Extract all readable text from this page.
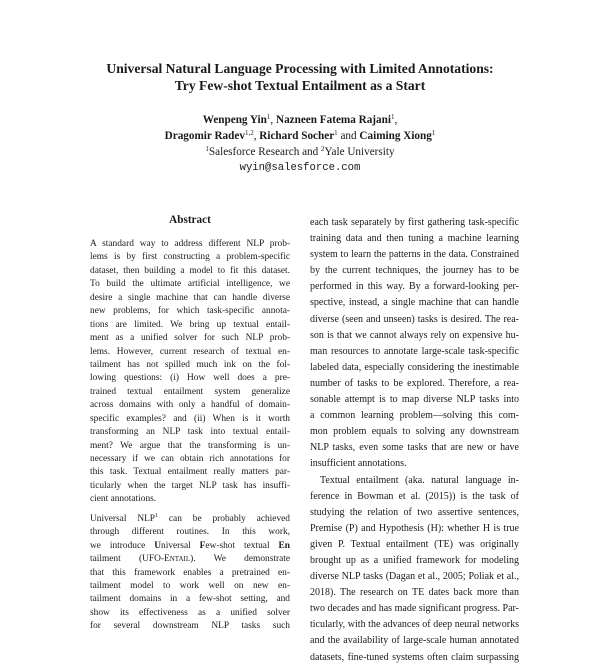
Universal Natural Language Processing with Limited Annotations:
Try Few-shot Textual Entailment as a Start
Wenpeng Yin$^1$, Nazneen Fatema Rajani$^1$,
Dragomir Radev$^{1,2}$, Richard Socher$^1$ and Caiming Xiong$^1$
$^1$Salesforce Research and $^2$Yale University
wyin@salesforce.com
Abstract
A standard way to address different NLP prob-
lems is by first constructing a problem-specific
dataset, then building a model to fit this dataset.
To build the ultimate artificial intelligence, we
desire a single machine that can handle diverse
new problems, for which task-specific annota-
tions are limited. We bring up textual entail-
ment as a unified solver for such NLP prob-
lems. However, current research of textual en-
tailment has not spilled much ink on the fol-
lowing questions: (i) How well does a pre-
trained textual entailment system generalize
across domains with only a handful of domain-
specific examples? and (ii) When is it worth
transforming an NLP task into textual entail-
ment? We argue that the transforming is un-
necessary if we can obtain rich annotations for
this task. Textual entailment really matters par-
ticularly when the target NLP task has insuffi-
cient annotations.
Universal NLP$^1$ can be probably achieved
through different routines. In this work,
we introduce Universal Few-shot textual En
tailment (UFO-Entail). We demonstrate
that this framework enables a pretrained en-
tailment model to work well on new en-
tailment domains in a few-shot setting, and
show its effectiveness as a unified solver
for several downstream NLP tasks such
each task separately by first gathering task-specific
training data and then tuning a machine learning
system to learn the patterns in the data. Constrained
by the current techniques, the journey has to be
performed in this way. By a forward-looking per-
spective, instead, a single machine that can handle
diverse (seen and unseen) tasks is desired. The rea-
son is that we cannot always rely on expensive hu-
man resources to annotate large-scale task-specific
labeled data, especially considering the inestimable
number of tasks to be explored. Therefore, a rea-
sonable attempt is to map diverse NLP tasks into
a common learning problem—solving this com-
mon problem equals to solving any downstream
NLP tasks, even some tasks that are new or have
insufficient annotations.
Textual entailment (aka. natural language in-
ference in Bowman et al. (2015)) is the task of
studying the relation of two assertive sentences,
Premise (P) and Hypothesis (H): whether H is true
given P. Textual entailment (TE) was originally
brought up as a unified framework for modeling
diverse NLP tasks (Dagan et al., 2005; Poliak et al.,
2018). The research on TE dates back more than
two decades and has made significant progress. Par-
ticularly, with the advances of deep neural networks
and the availability of large-scale human annotated
datasets, fine-tuned systems often claim surpassing
